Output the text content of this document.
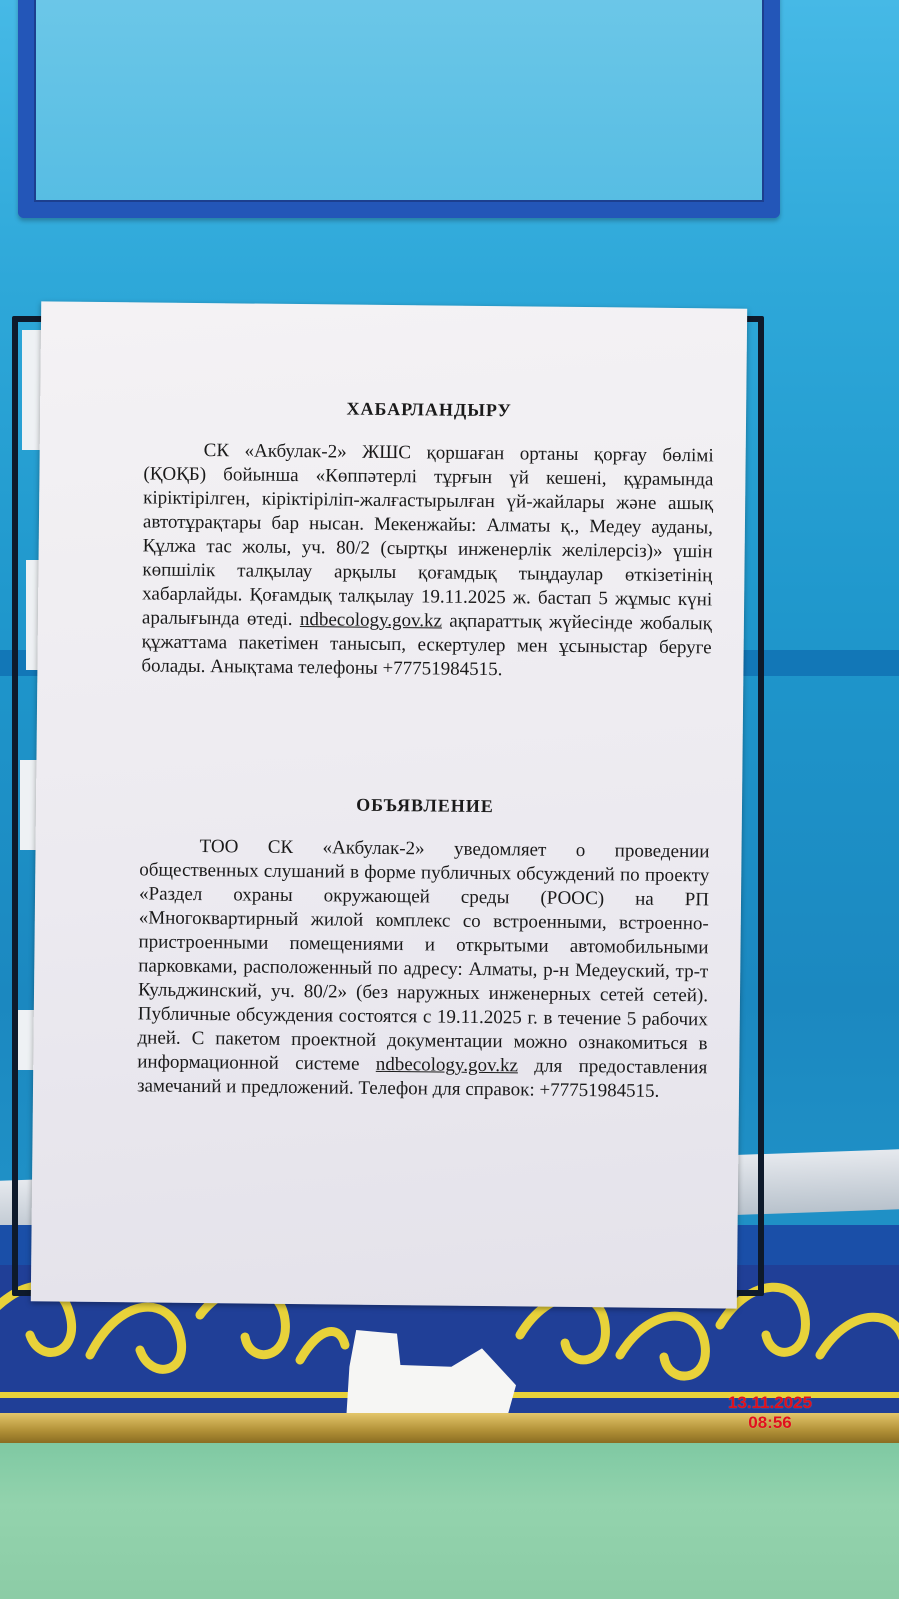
ХАБАРЛАНДЫРУ

СК «Акбулак-2» ЖШС қоршаған ортаны қорғау бөлімі (ҚОҚБ) бойынша «Көппәтерлі тұрғын үй кешені, құрамында кіріктірілген, кіріктіріліп-жалғастырылған үй-жайлары және ашық автотұрақтары бар нысан. Мекенжайы: Алматы қ., Медеу ауданы, Құлжа тас жолы, уч. 80/2 (сыртқы инженерлік желілерсіз)» үшін көпшілік талқылау арқылы қоғамдық тыңдаулар өткізетінің хабарлайды. Қоғамдық талқылау 19.11.2025 ж. бастап 5 жұмыс күні аралығында өтеді. ndbecology.gov.kz ақпараттық жүйесінде жобалық құжаттама пакетімен танысып, ескертулер мен ұсыныстар беруге болады. Анықтама телефоны +77751984515.

ОБЪЯВЛЕНИЕ

ТОО СК «Акбулак-2» уведомляет о проведении общественных слушаний в форме публичных обсуждений по проекту «Раздел охраны окружающей среды (РООС) на РП «Многоквартирный жилой комплекс со встроенными, встроенно-пристроенными помещениями и открытыми автомобильными парковками, расположенный по адресу: Алматы, р-н Медеуский, тр-т Кульджинский, уч. 80/2» (без наружных инженерных сетей сетей). Публичные обсуждения состоятся с 19.11.2025 г. в течение 5 рабочих дней. С пакетом проектной документации можно ознакомиться в информационной системе ndbecology.gov.kz для предоставления замечаний и предложений. Телефон для справок: +77751984515.

13.11.2025
08:56
